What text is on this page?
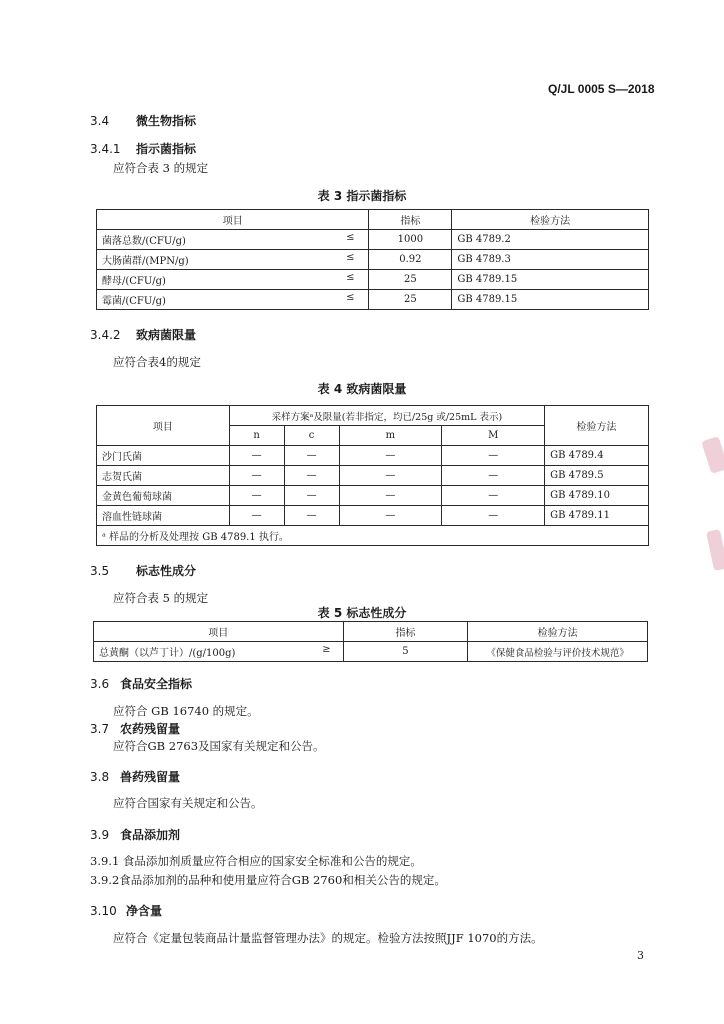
Q/JL 0005 S—2018
3.4 微生物指标
3.4.1 指示菌指标
应符合表 3 的规定
表 3 指示菌指标
项目	指标	检验方法
菌落总数/(CFU/g) ≤	1000	GB 4789.2
大肠菌群/(MPN/g) ≤	0.92	GB 4789.3
酵母/(CFU/g) ≤	25	GB 4789.15
霉菌/(CFU/g) ≤	25	GB 4789.15
3.4.2 致病菌限量
应符合表4的规定
表 4 致病菌限量
项目	采样方案ᵃ及限量(若非指定，均已/25g 或/25mL 表示)				检验方法
	n	c	m	M	
沙门氏菌	—	—	—	—	GB 4789.4
志贺氏菌	—	—	—	—	GB 4789.5
金黄色葡萄球菌	—	—	—	—	GB 4789.10
溶血性链球菌	—	—	—	—	GB 4789.11
ᵃ 样品的分析及处理按 GB 4789.1 执行。					
3.5 标志性成分
应符合表 5 的规定
表 5 标志性成分
项目	指标	检验方法
总黄酮（以芦丁计）/(g/100g) ≥	5	《保健食品检验与评价技术规范》
3.6 食品安全指标
应符合 GB 16740 的规定。
3.7 农药残留量
应符合GB 2763及国家有关规定和公告。
3.8 兽药残留量
应符合国家有关规定和公告。
3.9 食品添加剂
3.9.1 食品添加剂质量应符合相应的国家安全标准和公告的规定。
3.9.2食品添加剂的品种和使用量应符合GB 2760和相关公告的规定。
3.10 净含量
应符合《定量包装商品计量监督管理办法》的规定。检验方法按照JJF 1070的方法。
3
